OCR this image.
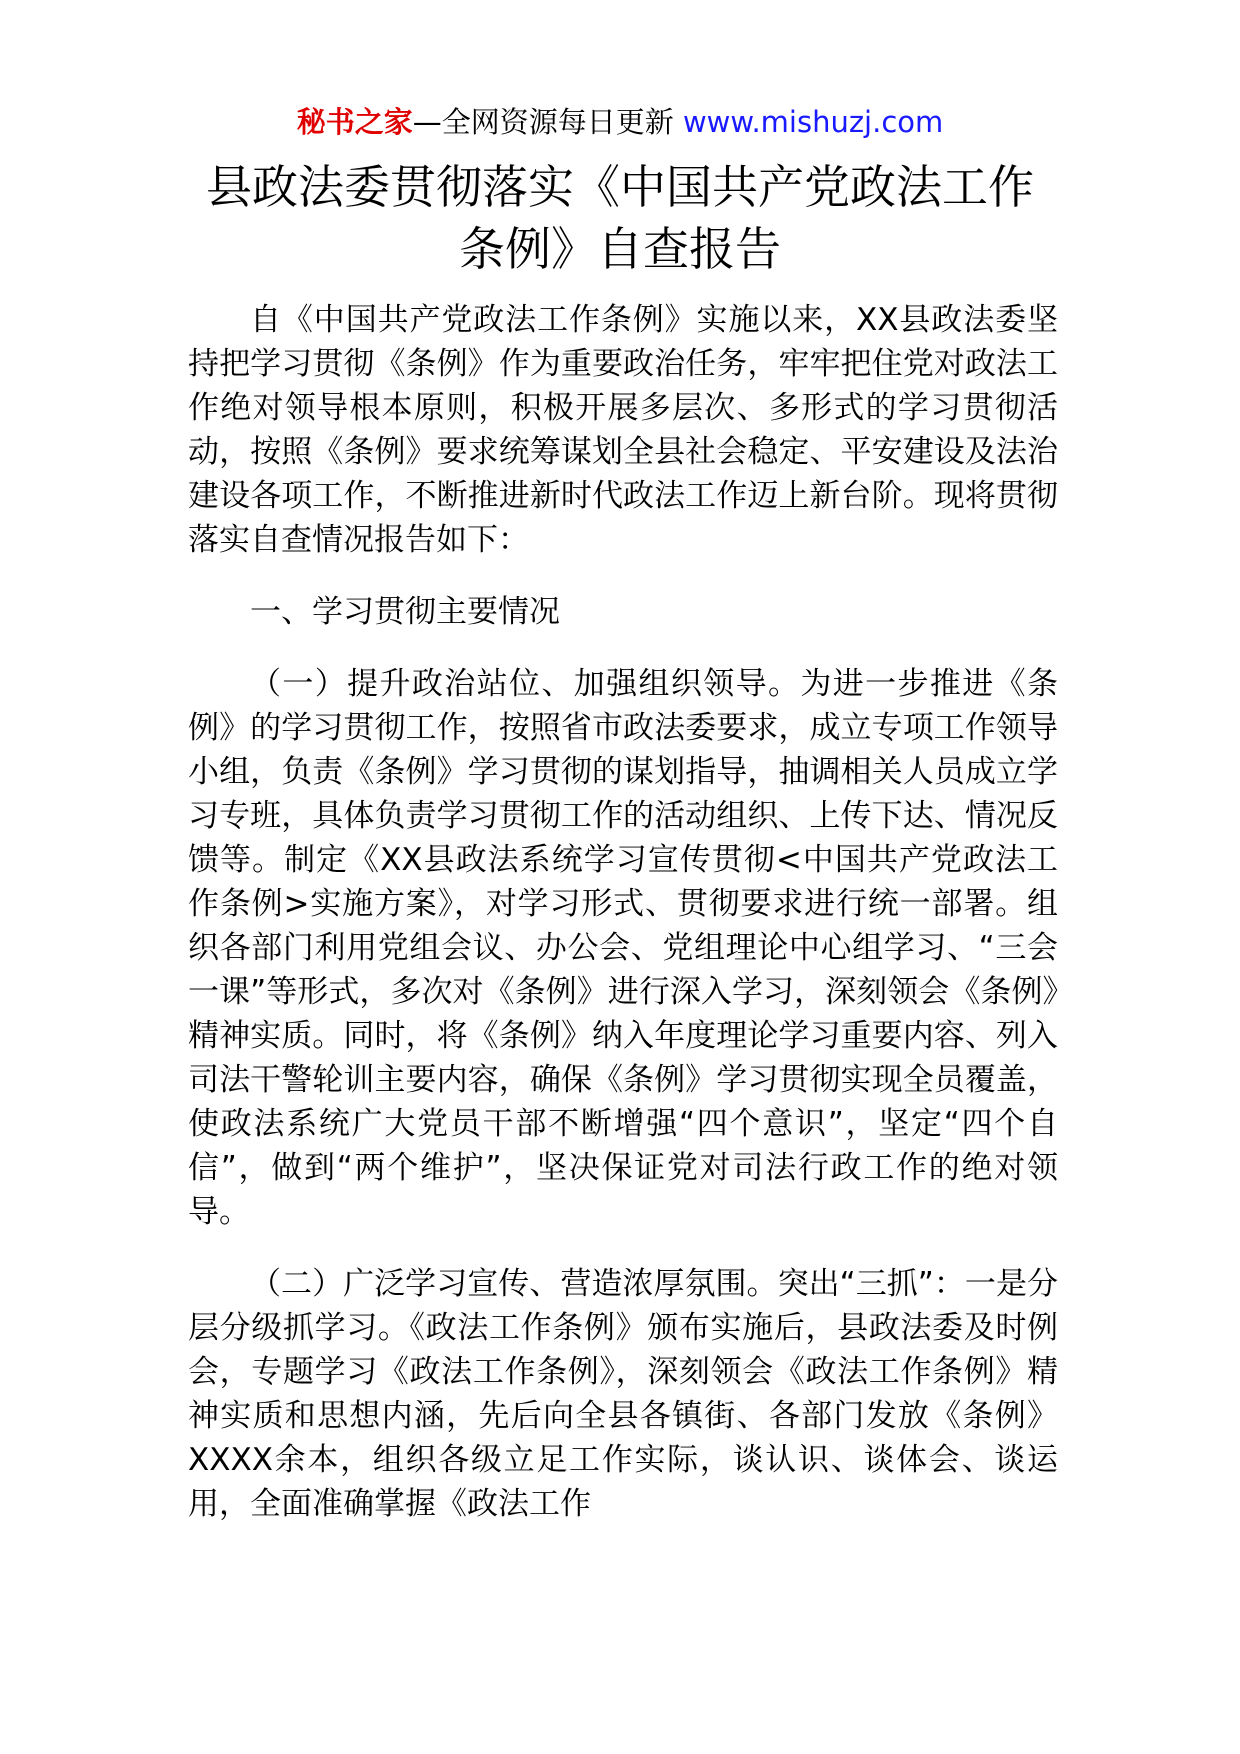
秘书之家—全网资源每日更新 www.mishuzj.com
县政法委贯彻落实《中国共产党政法工作
条例》自查报告

自《中国共产党政法工作条例》实施以来，XX县政法委坚持把学习贯彻《条例》作为重要政治任务，牢牢把住党对政法工作绝对领导根本原则，积极开展多层次、多形式的学习贯彻活动，按照《条例》要求统筹谋划全县社会稳定、平安建设及法治建设各项工作，不断推进新时代政法工作迈上新台阶。现将贯彻落实自查情况报告如下：

一、学习贯彻主要情况

（一）提升政治站位、加强组织领导。为进一步推进《条例》的学习贯彻工作，按照省市政法委要求，成立专项工作领导小组，负责《条例》学习贯彻的谋划指导，抽调相关人员成立学习专班，具体负责学习贯彻工作的活动组织、上传下达、情况反馈等。制定《XX县政法系统学习宣传贯彻<中国共产党政法工作条例>实施方案》，对学习形式、贯彻要求进行统一部署。组织各部门利用党组会议、办公会、党组理论中心组学习、“三会一课”等形式，多次对《条例》进行深入学习，深刻领会《条例》精神实质。同时，将《条例》纳入年度理论学习重要内容、列入司法干警轮训主要内容，确保《条例》学习贯彻实现全员覆盖，使政法系统广大党员干部不断增强“四个意识”，坚定“四个自信”，做到“两个维护”，坚决保证党对司法行政工作的绝对领导。

（二）广泛学习宣传、营造浓厚氛围。突出“三抓”：一是分层分级抓学习。《政法工作条例》颁布实施后，县政法委及时例会，专题学习《政法工作条例》，深刻领会《政法工作条例》精神实质和思想内涵，先后向全县各镇街、各部门发放《条例》XXXX余本，组织各级立足工作实际，谈认识、谈体会、谈运用，全面准确掌握《政法工作
